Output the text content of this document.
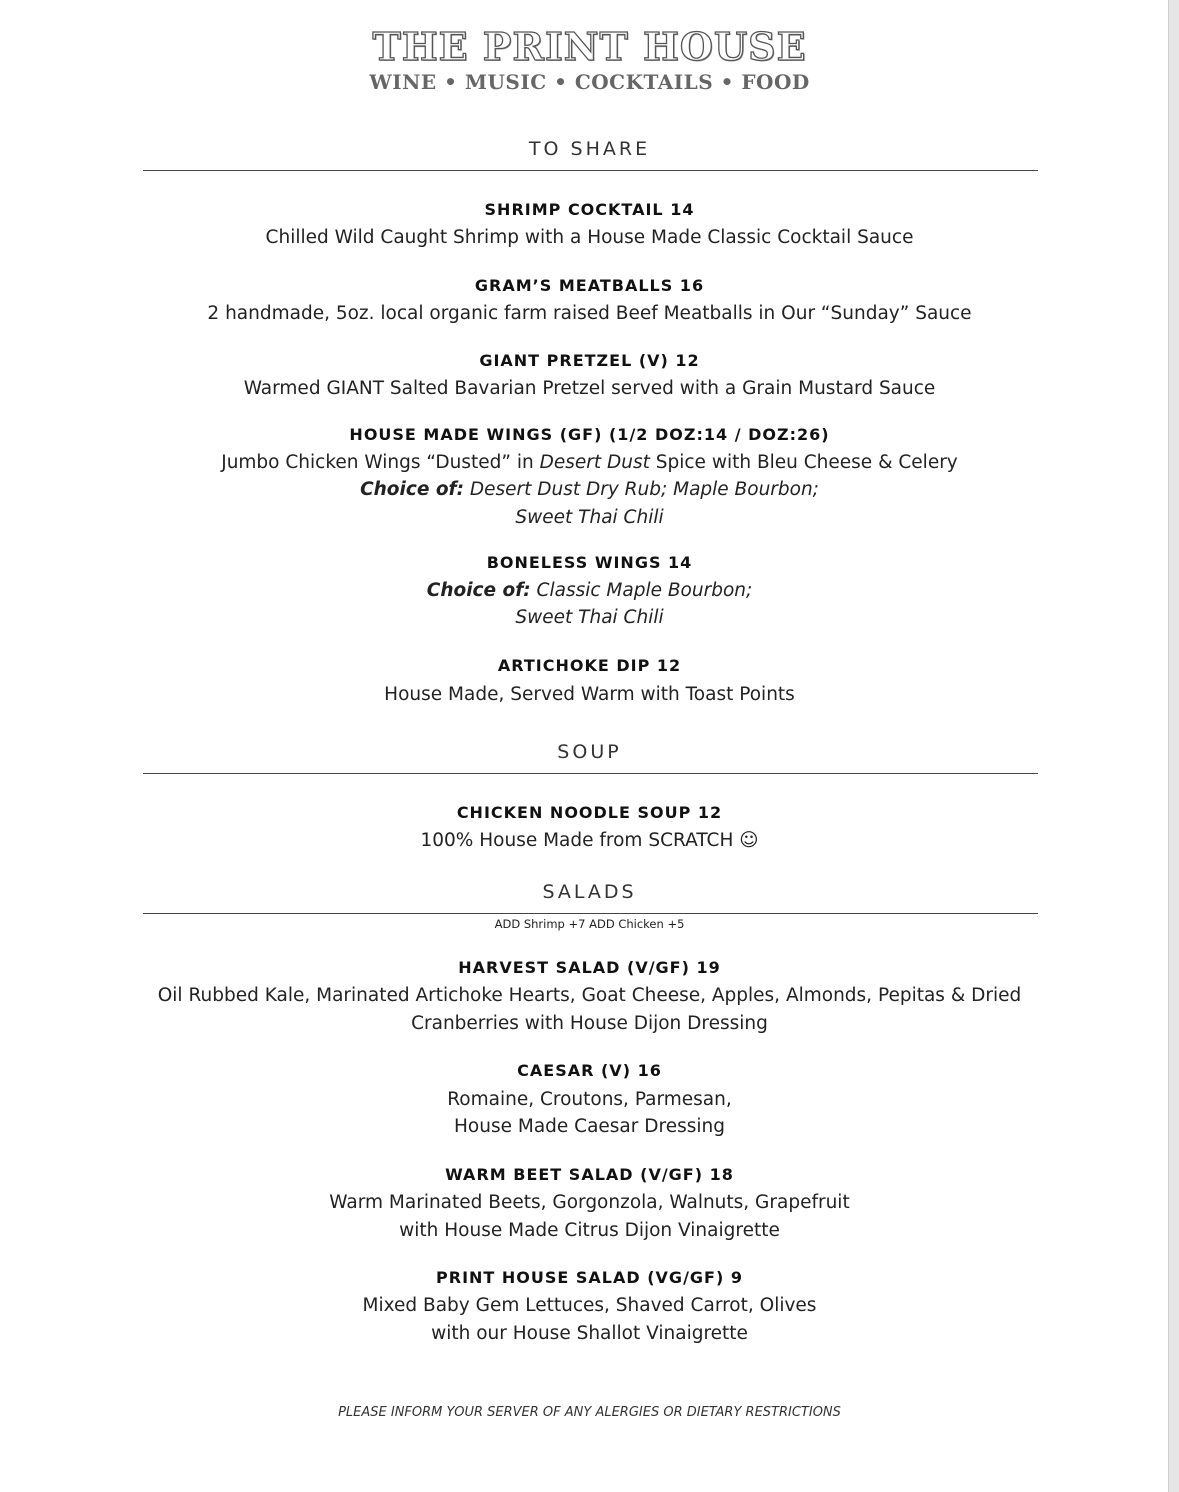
THE PRINT HOUSE
WINE • MUSIC • COCKTAILS • FOOD
TO SHARE
SHRIMP COCKTAIL 14
Chilled Wild Caught Shrimp with a House Made Classic Cocktail Sauce
GRAM’S MEATBALLS 16
2 handmade, 5oz. local organic farm raised Beef Meatballs in Our “Sunday” Sauce
GIANT PRETZEL (V) 12
Warmed GIANT Salted Bavarian Pretzel served with a Grain Mustard Sauce
HOUSE MADE WINGS (GF) (1/2 DOZ:14 / DOZ:26)
Jumbo Chicken Wings “Dusted” in Desert Dust Spice with Bleu Cheese & Celery
Choice of: Desert Dust Dry Rub; Maple Bourbon;
Sweet Thai Chili
BONELESS WINGS 14
Choice of: Classic Maple Bourbon;
Sweet Thai Chili
ARTICHOKE DIP 12
House Made, Served Warm with Toast Points
SOUP
CHICKEN NOODLE SOUP 12
100% House Made from SCRATCH ☺
SALADS
ADD Shrimp +7 ADD Chicken +5
HARVEST SALAD (V/GF) 19
Oil Rubbed Kale, Marinated Artichoke Hearts, Goat Cheese, Apples, Almonds, Pepitas & Dried
Cranberries with House Dijon Dressing
CAESAR (V) 16
Romaine, Croutons, Parmesan,
House Made Caesar Dressing
WARM BEET SALAD (V/GF) 18
Warm Marinated Beets, Gorgonzola, Walnuts, Grapefruit
with House Made Citrus Dijon Vinaigrette
PRINT HOUSE SALAD (VG/GF) 9
Mixed Baby Gem Lettuces, Shaved Carrot, Olives
with our House Shallot Vinaigrette
PLEASE INFORM YOUR SERVER OF ANY ALERGIES OR DIETARY RESTRICTIONS
